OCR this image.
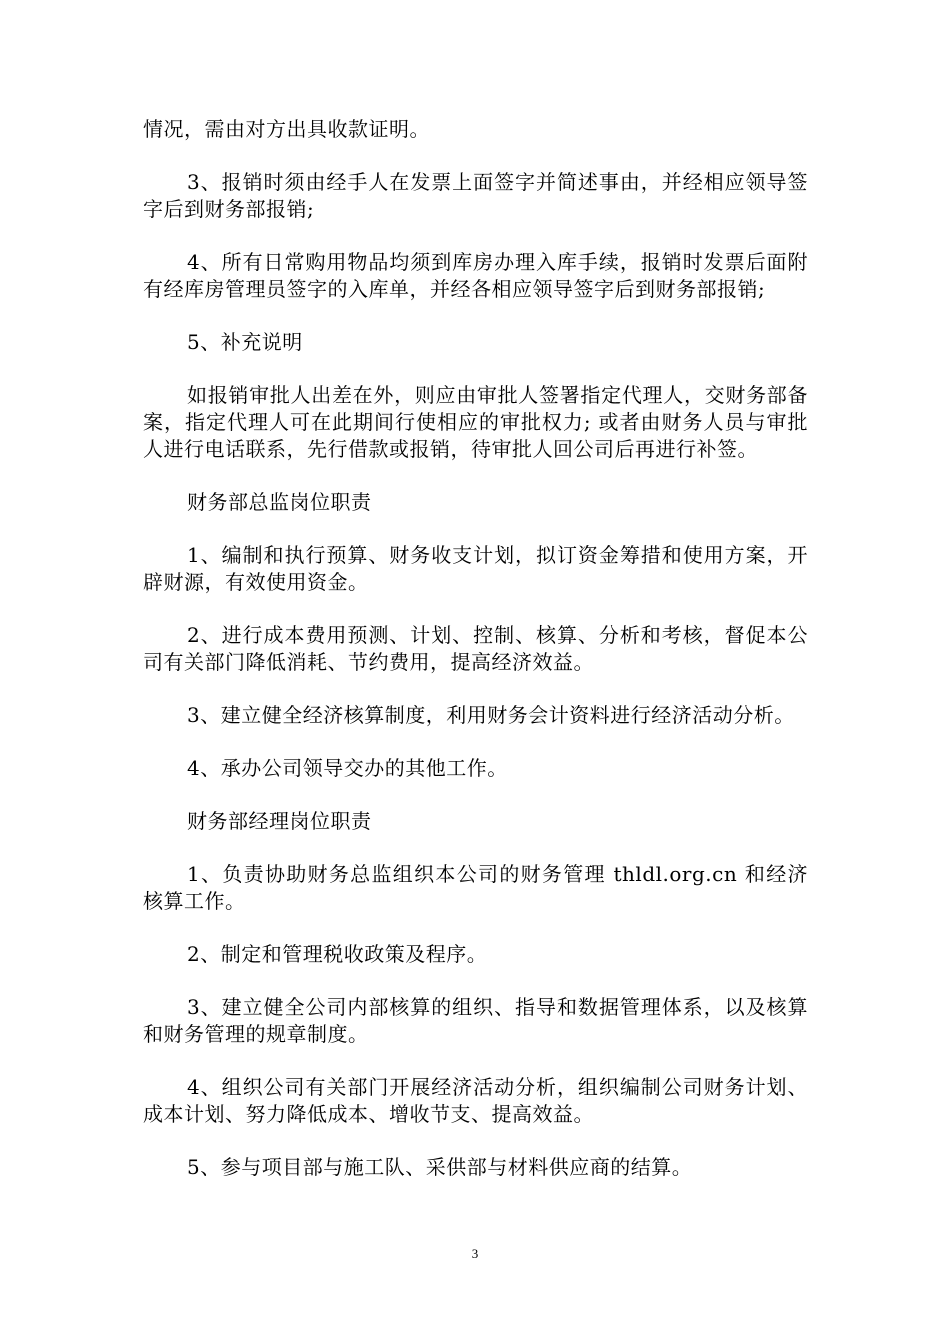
情况，需由对方出具收款证明。

3、报销时须由经手人在发票上面签字并简述事由，并经相应领导签字后到财务部报销;

4、所有日常购用物品均须到库房办理入库手续，报销时发票后面附有经库房管理员签字的入库单，并经各相应领导签字后到财务部报销;

5、补充说明

如报销审批人出差在外，则应由审批人签署指定代理人，交财务部备案，指定代理人可在此期间行使相应的审批权力; 或者由财务人员与审批人进行电话联系，先行借款或报销，待审批人回公司后再进行补签。

财务部总监岗位职责

1、编制和执行预算、财务收支计划，拟订资金筹措和使用方案，开辟财源，有效使用资金。

2、进行成本费用预测、计划、控制、核算、分析和考核，督促本公司有关部门降低消耗、节约费用，提高经济效益。

3、建立健全经济核算制度，利用财务会计资料进行经济活动分析。

4、承办公司领导交办的其他工作。

财务部经理岗位职责

1、负责协助财务总监组织本公司的财务管理 thldl.org.cn 和经济核算工作。

2、制定和管理税收政策及程序。

3、建立健全公司内部核算的组织、指导和数据管理体系，以及核算和财务管理的规章制度。

4、组织公司有关部门开展经济活动分析，组织编制公司财务计划、成本计划、努力降低成本、增收节支、提高效益。

5、参与项目部与施工队、采供部与材料供应商的结算。

3
